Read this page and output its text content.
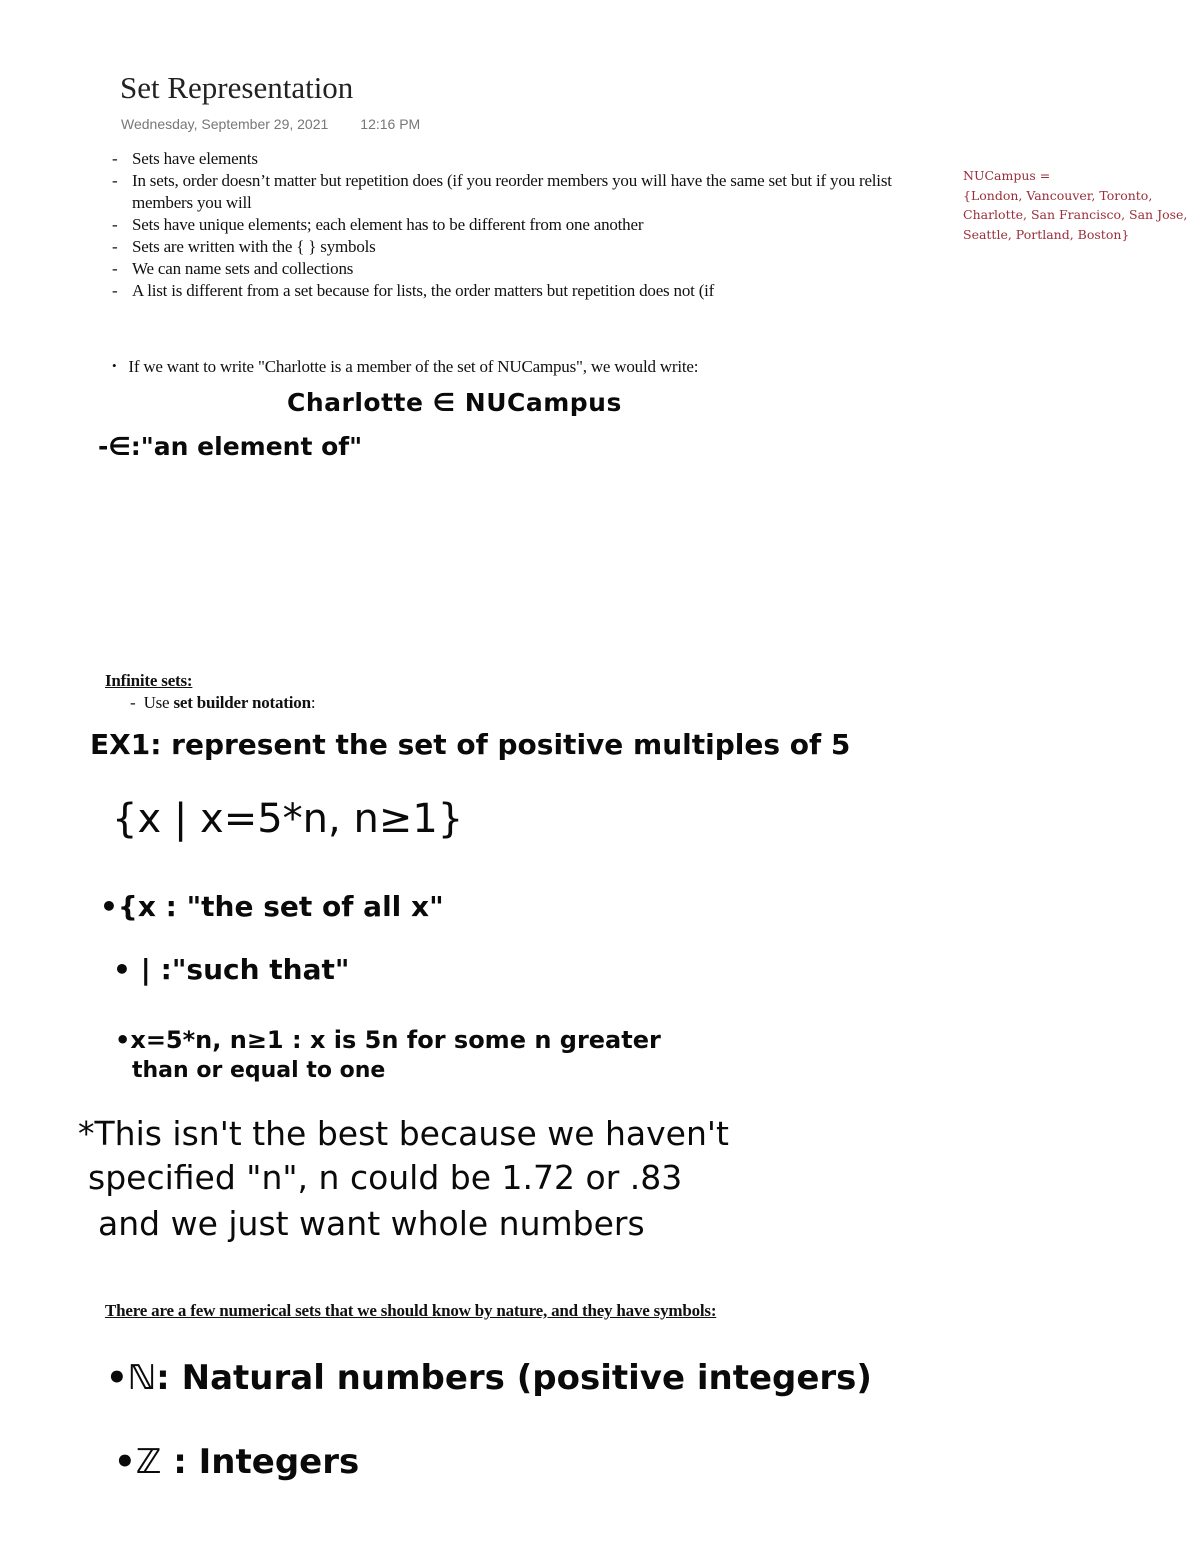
Set Representation
Wednesday, September 29, 2021 12:16 PM
- Sets have elements
- In sets, order doesn’t matter but repetition does (if you reorder members you will have the same set but if you relist members you will
- Sets have unique elements; each element has to be different from one another
- Sets are written with the { } symbols
- We can name sets and collections
- A list is different from a set because for lists, the order matters but repetition does not (if
NUCampus =
{London, Vancouver, Toronto,
Charlotte, San Francisco, San Jose,
Seattle, Portland, Boston}
• If we want to write "Charlotte is a member of the set of NUCampus", we would write:
Charlotte ∈ NUCampus
-∈:"an element of"
Infinite sets:
-  Use set builder notation:
EX1: represent the set of positive multiples of 5
{x | x=5*n, n≥1}
•{x : "the set of all x"
• | :"such that"
•x=5*n, n≥1 : x is 5n for some n greater
than or equal to one
*This isn't the best because we haven't
specified "n", n could be 1.72 or .83
and we just want whole numbers
There are a few numerical sets that we should know by nature, and they have symbols:
•ℕ: Natural numbers (positive integers)
•ℤ : Integers
